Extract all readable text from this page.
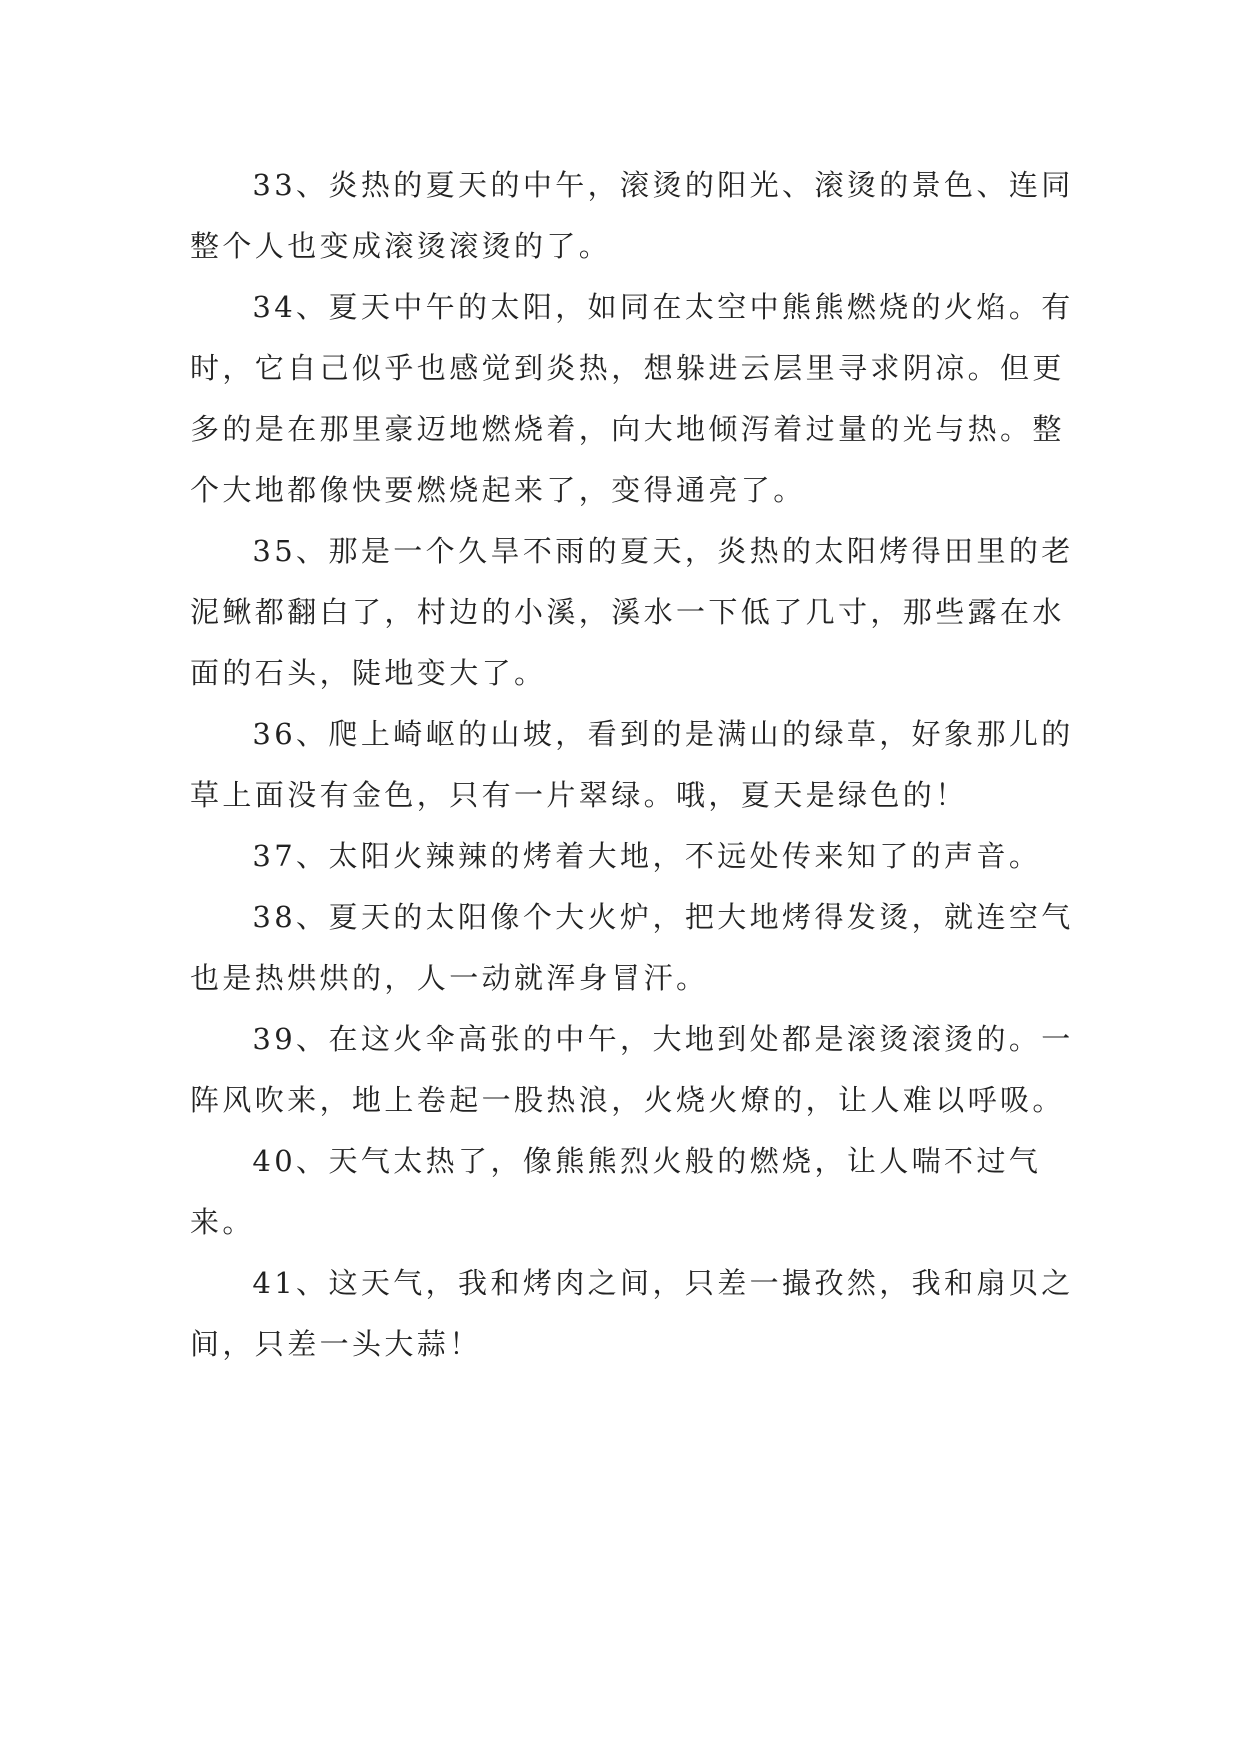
33、炎热的夏天的中午，滚烫的阳光、滚烫的景色、连同整个人也变成滚烫滚烫的了。

34、夏天中午的太阳，如同在太空中熊熊燃烧的火焰。有时，它自己似乎也感觉到炎热，想躲进云层里寻求阴凉。但更多的是在那里豪迈地燃烧着，向大地倾泻着过量的光与热。整个大地都像快要燃烧起来了，变得通亮了。

35、那是一个久旱不雨的夏天，炎热的太阳烤得田里的老泥鳅都翻白了，村边的小溪，溪水一下低了几寸，那些露在水面的石头，陡地变大了。

36、爬上崎岖的山坡，看到的是满山的绿草，好象那儿的草上面没有金色，只有一片翠绿。哦，夏天是绿色的！

37、太阳火辣辣的烤着大地，不远处传来知了的声音。

38、夏天的太阳像个大火炉，把大地烤得发烫，就连空气也是热烘烘的，人一动就浑身冒汗。

39、在这火伞高张的中午，大地到处都是滚烫滚烫的。一阵风吹来，地上卷起一股热浪，火烧火燎的，让人难以呼吸。

40、天气太热了，像熊熊烈火般的燃烧，让人喘不过气来。

41、这天气，我和烤肉之间，只差一撮孜然，我和扇贝之间，只差一头大蒜！
